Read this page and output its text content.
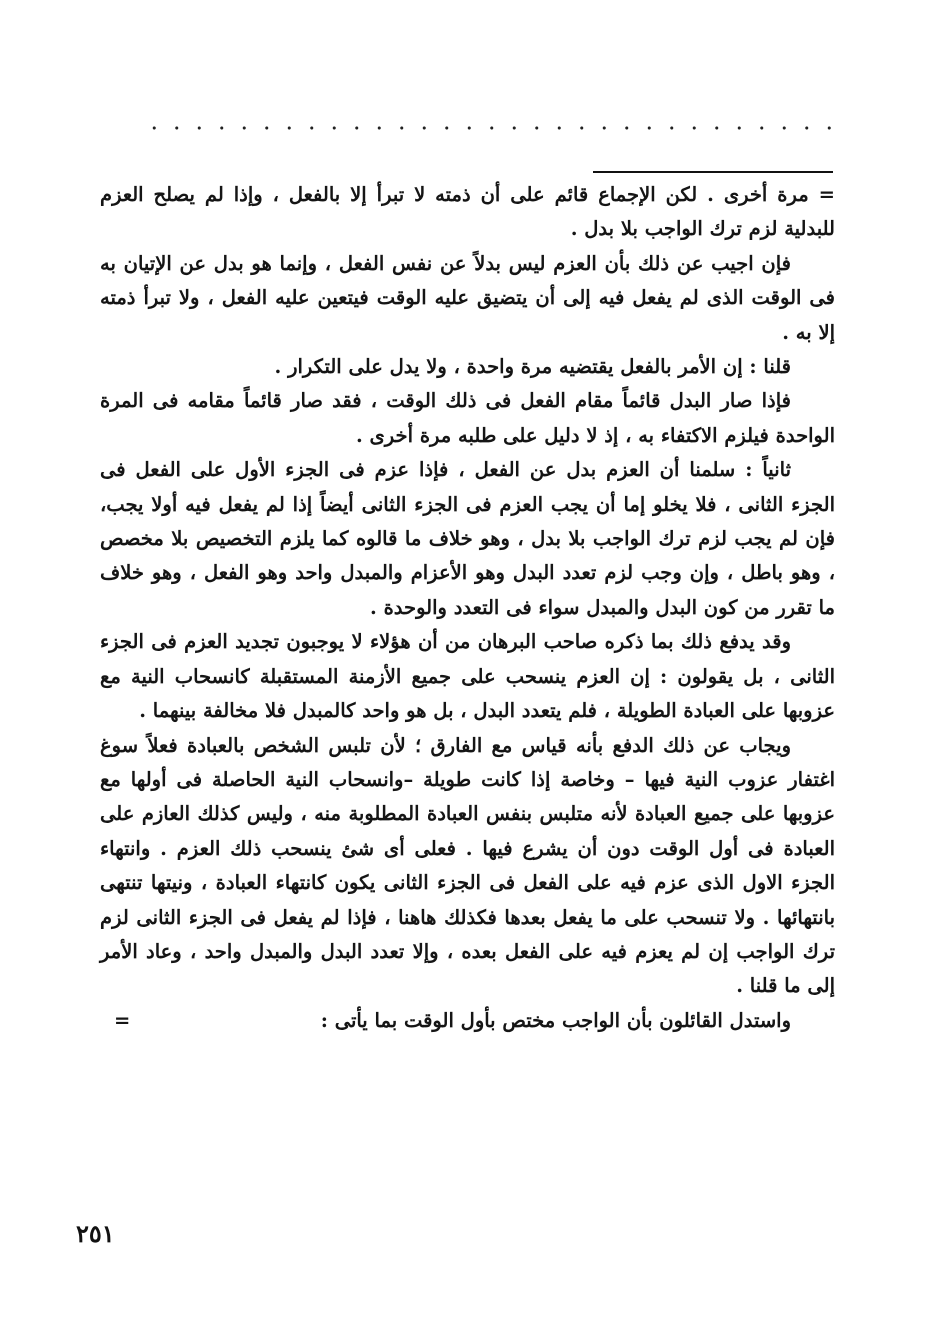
= مرة أخرى . لكن الإجماع قائم على أن ذمته لا تبرأ إلا بالفعل ، وإذا لم يصلح العزم للبدلية لزم ترك الواجب بلا بدل .

فإن اجيب عن ذلك بأن العزم ليس بدلاً عن نفس الفعل ، وإنما هو بدل عن الإتيان به فى الوقت الذى لم يفعل فيه إلى أن يتضيق عليه الوقت فيتعين عليه الفعل ، ولا تبرأ ذمته إلا به .

قلنا : إن الأمر بالفعل يقتضيه مرة واحدة ، ولا يدل على التكرار .

فإذا صار البدل قائماً مقام الفعل فى ذلك الوقت ، فقد صار قائماً مقامه فى المرة الواحدة فيلزم الاكتفاء به ، إذ لا دليل على طلبه مرة أخرى .

ثانياً : سلمنا أن العزم بدل عن الفعل ، فإذا عزم فى الجزء الأول على الفعل فى الجزء الثانى ، فلا يخلو إما أن يجب العزم فى الجزء الثانى أيضاً إذا لم يفعل فيه أولا يجب، فإن لم يجب لزم ترك الواجب بلا بدل ، وهو خلاف ما قالوه كما يلزم التخصيص بلا مخصص ، وهو باطل ، وإن وجب لزم تعدد البدل وهو الأعزام والمبدل واحد وهو الفعل ، وهو خلاف ما تقرر من كون البدل والمبدل سواء فى التعدد والوحدة .

وقد يدفع ذلك بما ذكره صاحب البرهان من أن هؤلاء لا يوجبون تجديد العزم فى الجزء الثانى ، بل يقولون : إن العزم ينسحب على جميع الأزمنة المستقبلة كانسحاب النية مع عزوبها على العبادة الطويلة ، فلم يتعدد البدل ، بل هو واحد كالمبدل فلا مخالفة بينهما .

ويجاب عن ذلك الدفع بأنه قياس مع الفارق ؛ لأن تلبس الشخص بالعبادة فعلاً سوغ اغتفار عزوب النية فيها – وخاصة إذا كانت طويلة –وانسحاب النية الحاصلة فى أولها مع عزوبها على جميع العبادة لأنه متلبس بنفس العبادة المطلوبة منه ، وليس كذلك العازم على العبادة فى أول الوقت دون أن يشرع فيها . فعلى أى شئ ينسحب ذلك العزم . وانتهاء الجزء الاول الذى عزم فيه على الفعل فى الجزء الثانى يكون كانتهاء العبادة ، ونيتها تنتهى بانتهائها . ولا تنسحب على ما يفعل بعدها فكذلك هاهنا ، فإذا لم يفعل فى الجزء الثانى لزم ترك الواجب إن لم يعزم فيه على الفعل بعده ، وإلا تعدد البدل والمبدل واحد ، وعاد الأمر إلى ما قلنا .

واستدل القائلون بأن الواجب مختص بأول الوقت بما يأتى :
=

٢٥١
